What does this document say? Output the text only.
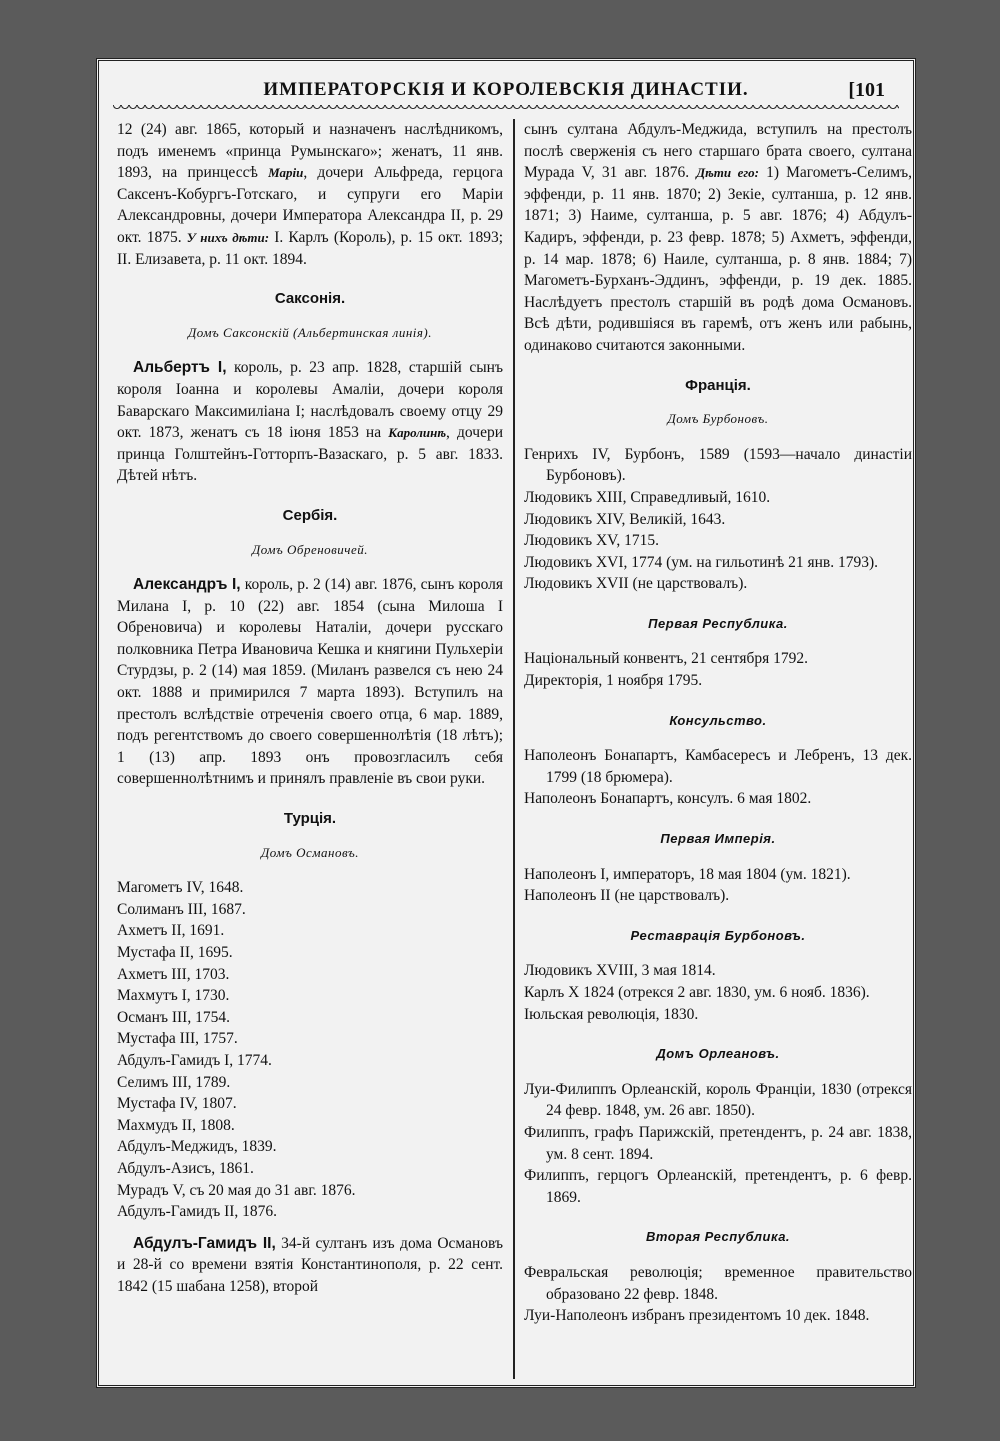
ИМПЕРАТОРСКІЯ И КОРОЛЕВСКІЯ ДИНАСТІИ.	[101

12 (24) авг. 1865, который и назначенъ наслѣдникомъ, подъ именемъ «принца Румынскаго»; женатъ, 11 янв. 1893, на принцессѣ Маріи, дочери Альфреда, герцога Саксенъ-Кобургъ-Готскаго, и супруги его Маріи Александровны, дочери Императора Александра II, р. 29 окт. 1875. У нихъ дѣти: I. Карлъ (Король), р. 15 окт. 1893; II. Елизавета, р. 11 окт. 1894.

Саксонія.
Домъ Саксонскій (Альбертинская линія).

Альбертъ I, король, р. 23 апр. 1828, старшій сынъ короля Іоанна и королевы Амаліи, дочери короля Баварскаго Максимиліана I; наслѣдовалъ своему отцу 29 окт. 1873, женатъ съ 18 іюня 1853 на Каролинѣ, дочери принца Голштейнъ-Готторпъ-Вазаскаго, р. 5 авг. 1833. Дѣтей нѣтъ.

Сербія.
Домъ Обреновичей.

Александръ I, король, р. 2 (14) авг. 1876, сынъ короля Милана I, р. 10 (22) авг. 1854 (сына Милоша I Обреновича) и королевы Наталіи, дочери русскаго полковника Петра Ивановича Кешка и княгини Пульхеріи Стурдзы, р. 2 (14) мая 1859. (Миланъ развелся съ нею 24 окт. 1888 и примирился 7 марта 1893). Вступилъ на престолъ вслѣдствіе отреченія своего отца, 6 мар. 1889, подъ регентствомъ до своего совершеннолѣтія (18 лѣтъ); 1 (13) апр. 1893 онъ провозгласилъ себя совершеннолѣтнимъ и принялъ правленіе въ свои руки.

Турція.
Домъ Османовъ.
Магометъ IV, 1648.
Солиманъ III, 1687.
Ахметъ II, 1691.
Мустафа II, 1695.
Ахметъ III, 1703.
Махмутъ I, 1730.
Османъ III, 1754.
Мустафа III, 1757.
Абдулъ-Гамидъ I, 1774.
Селимъ III, 1789.
Мустафа IV, 1807.
Махмудъ II, 1808.
Абдулъ-Меджидъ, 1839.
Абдулъ-Азисъ, 1861.
Мурадъ V, съ 20 мая до 31 авг. 1876.
Абдулъ-Гамидъ II, 1876.

Абдулъ-Гамидъ II, 34-й султанъ изъ дома Османовъ и 28-й со времени взятія Константинополя, р. 22 сент. 1842 (15 шабана 1258), второй

сынъ султана Абдулъ-Меджида, вступилъ на престолъ послѣ сверженія съ него старшаго брата своего, султана Мурада V, 31 авг. 1876. Дѣти его: 1) Магометъ-Селимъ, эффенди, р. 11 янв. 1870; 2) Зекіе, султанша, р. 12 янв. 1871; 3) Наиме, султанша, р. 5 авг. 1876; 4) Абдулъ-Кадиръ, эффенди, р. 23 февр. 1878; 5) Ахметъ, эффенди, р. 14 мар. 1878; 6) Наиле, султанша, р. 8 янв. 1884; 7) Магометъ-Бурханъ-Эддинъ, эффенди, р. 19 дек. 1885. Наслѣдуетъ престолъ старшій въ родѣ дома Османовъ. Всѣ дѣти, родившіяся въ гаремѣ, отъ женъ или рабынь, одинаково считаются законными.

Франція.
Домъ Бурбоновъ.
Генрихъ IV, Бурбонъ, 1589 (1593—начало династіи Бурбоновъ).
Людовикъ XIII, Справедливый, 1610.
Людовикъ XIV, Великій, 1643.
Людовикъ XV, 1715.
Людовикъ XVI, 1774 (ум. на гильотинѣ 21 янв. 1793).
Людовикъ XVII (не царствовалъ).
Первая Республика.
Національный конвентъ, 21 сентября 1792.
Директорія, 1 ноября 1795.
Консульство.
Наполеонъ Бонапартъ, Камбасересъ и Лебренъ, 13 дек. 1799 (18 брюмера).
Наполеонъ Бонапартъ, консулъ. 6 мая 1802.
Первая Имперія.
Наполеонъ I, императоръ, 18 мая 1804 (ум. 1821).
Наполеонъ II (не царствовалъ).
Реставрація Бурбоновъ.
Людовикъ XVIII, 3 мая 1814.
Карлъ X 1824 (отрекся 2 авг. 1830, ум. 6 нояб. 1836).
Іюльская революція, 1830.
Домъ Орлеановъ.
Луи-Филиппъ Орлеанскій, король Франціи, 1830 (отрекся 24 февр. 1848, ум. 26 авг. 1850).
Филиппъ, графъ Парижскій, претендентъ, р. 24 авг. 1838, ум. 8 сент. 1894.
Филиппъ, герцогъ Орлеанскій, претендентъ, р. 6 февр. 1869.
Вторая Республика.
Февральская революція; временное правительство образовано 22 февр. 1848.
Луи-Наполеонъ избранъ президентомъ 10 дек. 1848.
